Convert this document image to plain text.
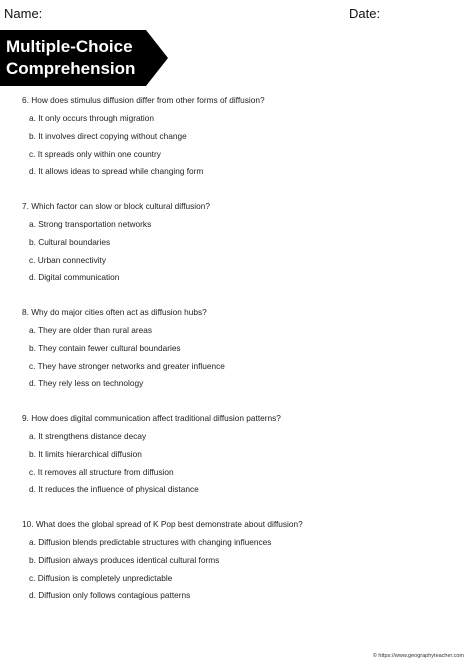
Name:	Date:
Multiple-Choice
Comprehension
6. How does stimulus diffusion differ from other forms of diffusion?
a. It only occurs through migration
b. It involves direct copying without change
c. It spreads only within one country
d. It allows ideas to spread while changing form
7. Which factor can slow or block cultural diffusion?
a. Strong transportation networks
b. Cultural boundaries
c. Urban connectivity
d. Digital communication
8. Why do major cities often act as diffusion hubs?
a. They are older than rural areas
b. They contain fewer cultural boundaries
c. They have stronger networks and greater influence
d. They rely less on technology
9. How does digital communication affect traditional diffusion patterns?
a. It strengthens distance decay
b. It limits hierarchical diffusion
c. It removes all structure from diffusion
d. It reduces the influence of physical distance
10. What does the global spread of K Pop best demonstrate about diffusion?
a. Diffusion blends predictable structures with changing influences
b. Diffusion always produces identical cultural forms
c. Diffusion is completely unpredictable
d. Diffusion only follows contagious patterns
© https://www.geographyteacher.com
